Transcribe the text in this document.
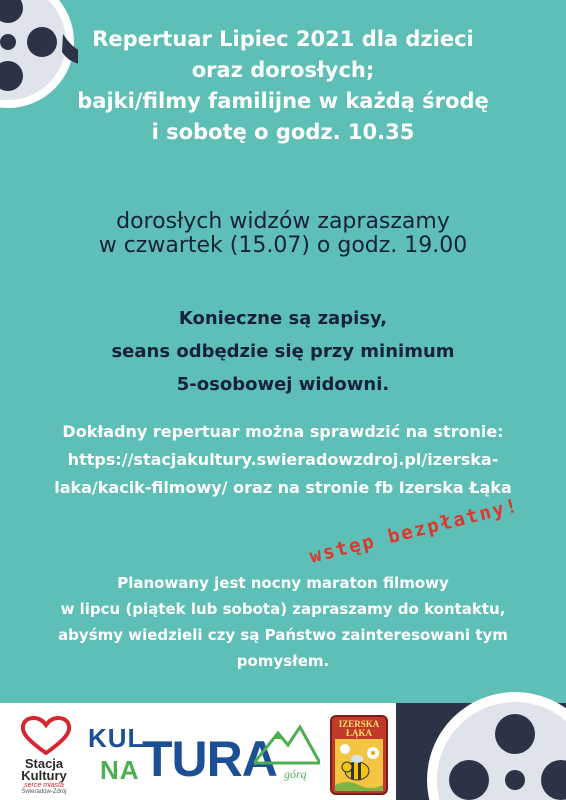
Repertuar Lipiec 2021 dla dzieci
oraz dorosłych;
bajki/filmy familijne w każdą środę
i sobotę o godz. 10.35
dorosłych widzów zapraszamy
w czwartek (15.07) o godz. 19.00
Konieczne są zapisy,
seans odbędzie się przy minimum
5-osobowej widowni.
Dokładny repertuar można sprawdzić na stronie:
https://stacjakultury.swieradowzdroj.pl/izerska-
laka/kacik-filmowy/ oraz na stronie fb Izerska Łąka
wstęp bezpłatny!
Planowany jest nocny maraton filmowy
w lipcu (piątek lub sobota) zapraszamy do kontaktu,
abyśmy wiedzieli czy są Państwo zainteresowani tym
pomysłem.
Stacja
Kultury
serce miasta
Świeradów-Zdrój
KUL
NA TURA górą
IZERSKA
ŁĄKA
